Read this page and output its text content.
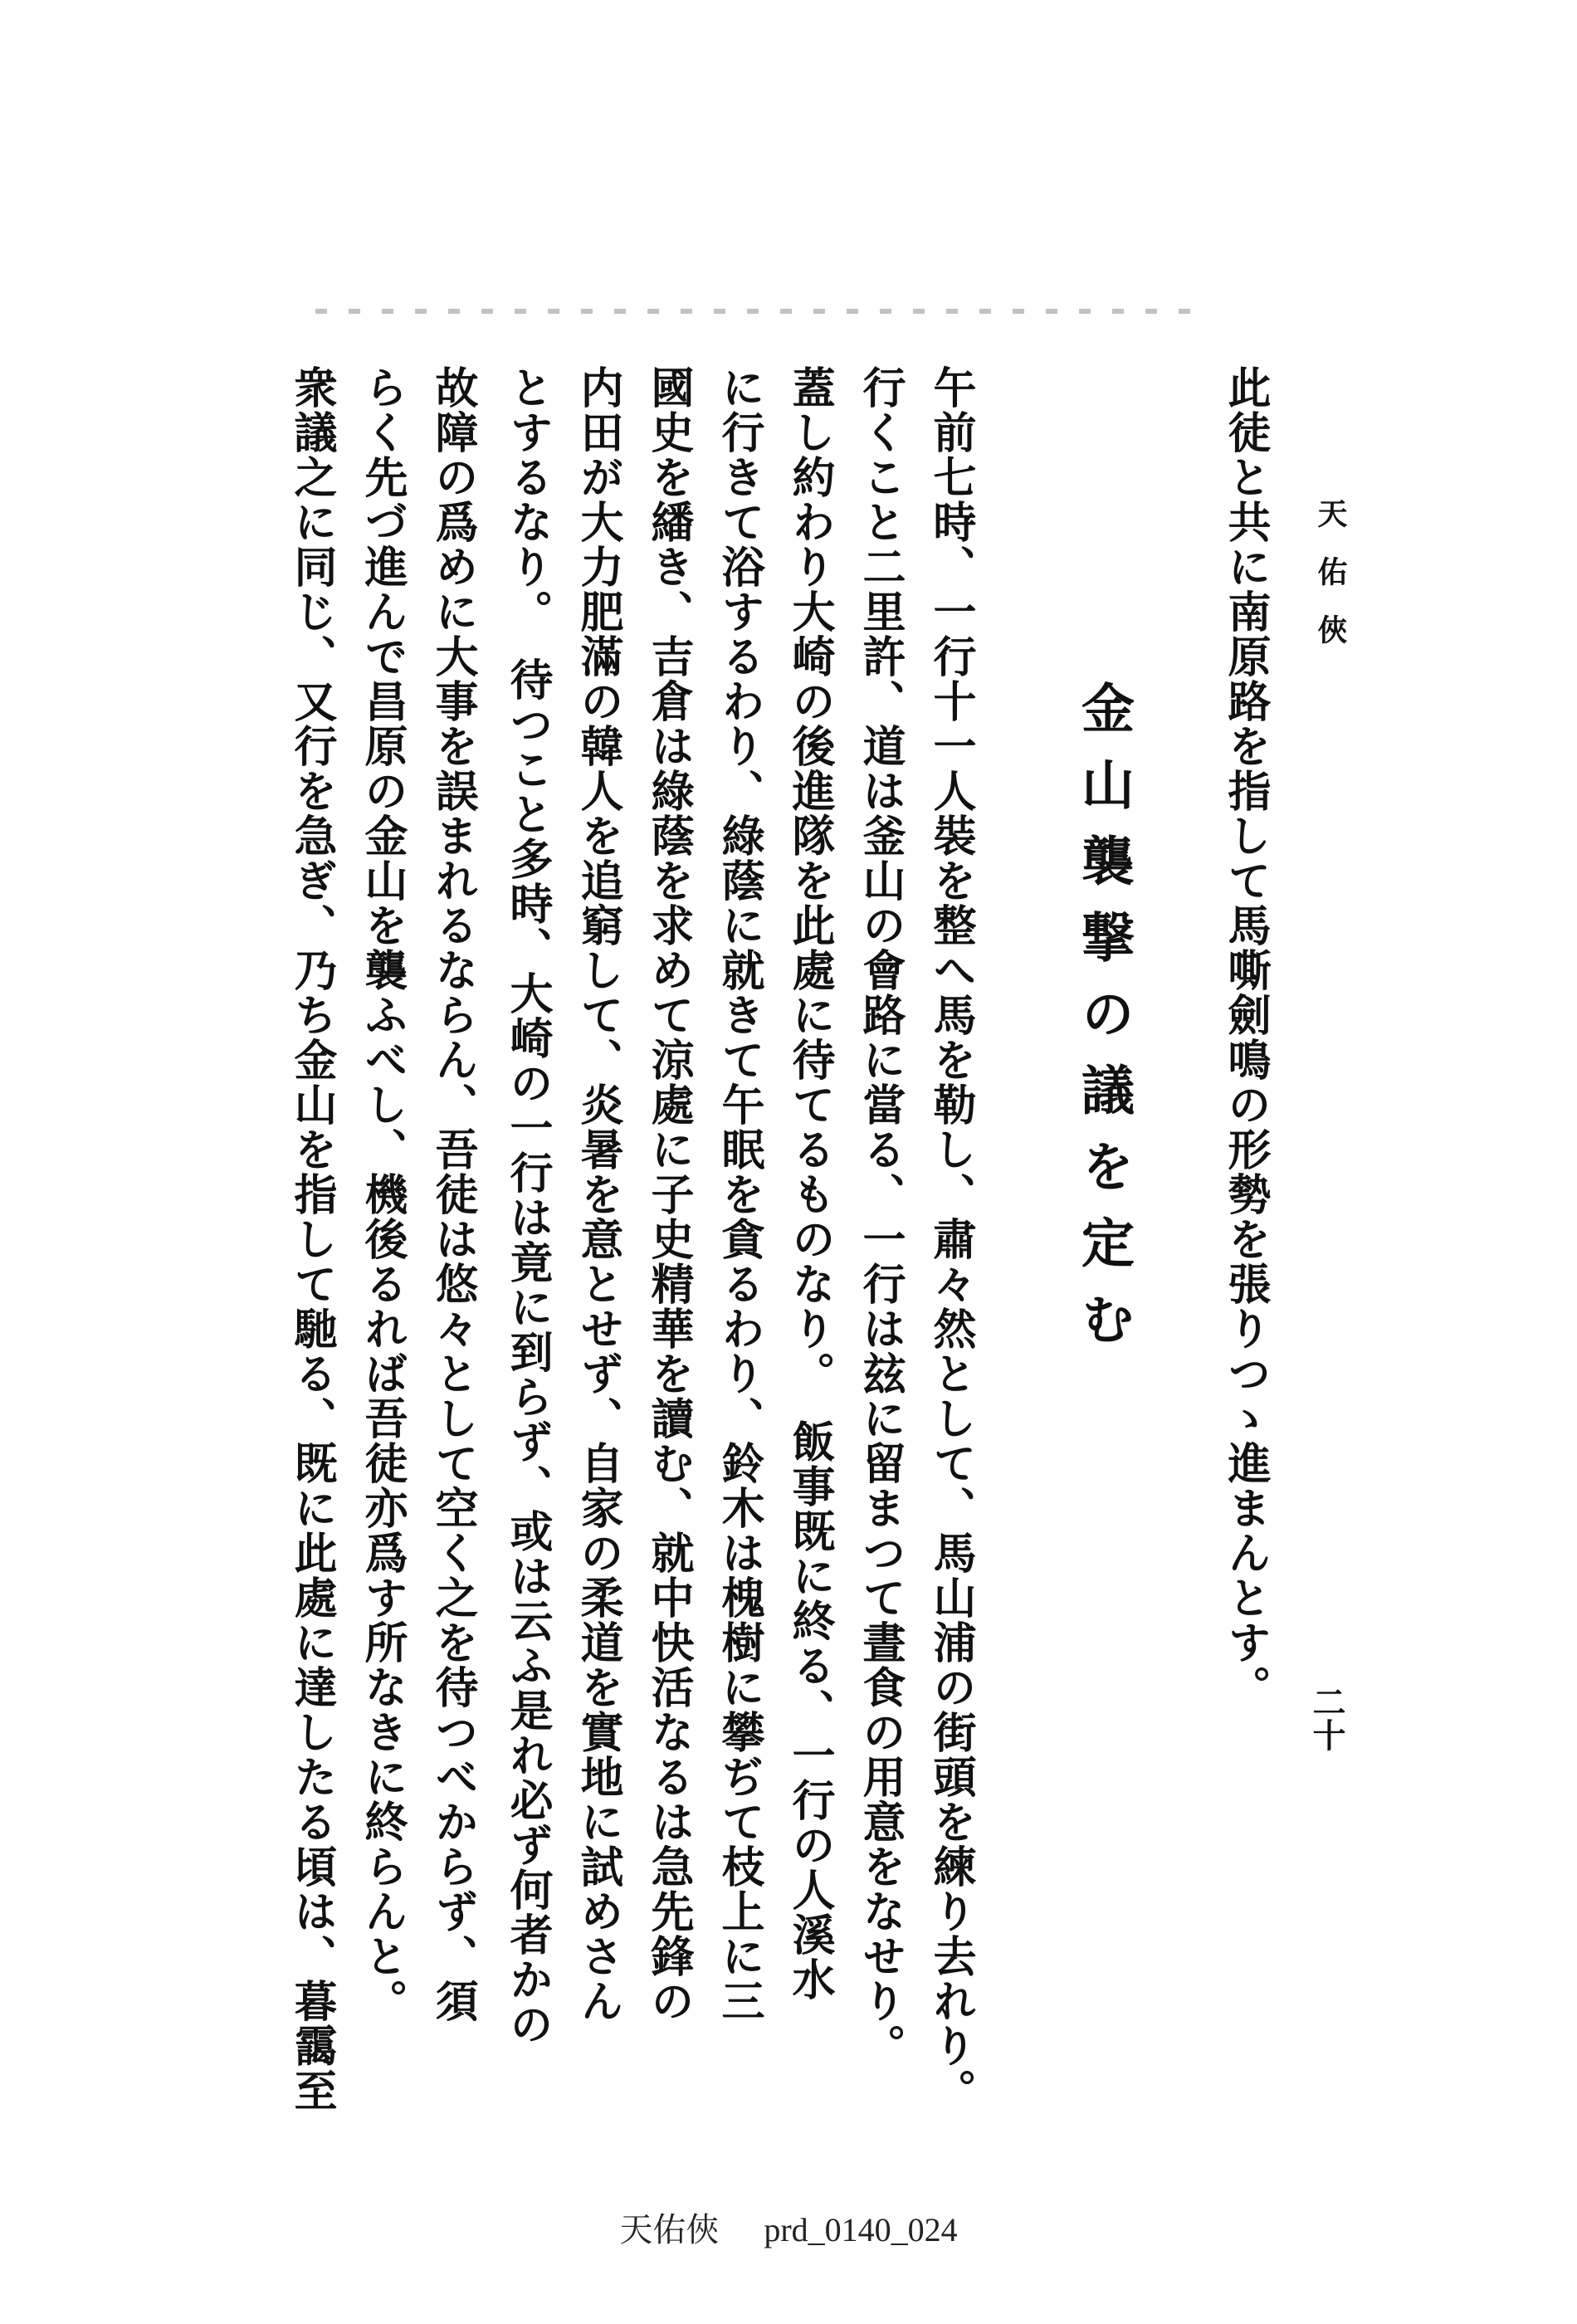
天佑俠
二十
此徒と共に南原路を指して馬嘶劍鳴の形勢を張りつゝ進まんとす。
金山襲撃の議を定む
午前七時、一行十一人裝を整へ馬を勒し、肅々然として、馬山浦の街頭を練り去れり。
行くこと二里許、道は釜山の會路に當る、一行は玆に留まつて晝食の用意をなせり。
蓋し約わり大崎の後進隊を此處に待てるものなり。　飯事既に終る、一行の人溪水
に行きて浴するわり、綠蔭に就きて午眠を貪るわり、鈴木は槐樹に攀ぢて枝上に三
國史を繙き、吉倉は綠蔭を求めて涼處に子史精華を讀む、就中快活なるは急先鋒の
内田が大力肥滿の韓人を追窮して、炎暑を意とせず、自家の柔道を實地に試めさん
とするなり。　待つこと多時、大崎の一行は竟に到らず、或は云ふ是れ必ず何者かの
故障の爲めに大事を誤まれるならん、吾徒は悠々として空く之を待つべからず、須
らく先づ進んで昌原の金山を襲ふべし、機後るれば吾徒亦爲す所なきに終らんと。
衆議之に同じ、又行を急ぎ、乃ち金山を指して馳る、既に此處に達したる頃は、暮靄至
天佑俠 prd_0140_024
